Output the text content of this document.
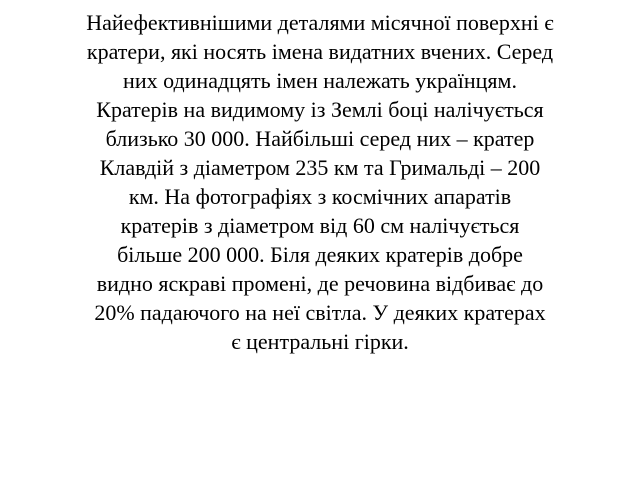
Найефективнішими деталями місячної поверхні є
кратери, які носять імена видатних вчених. Серед
них одинадцять імен належать українцям.
Кратерів на видимому із Землі боці налічується
близько 30 000. Найбільші серед них – кратер
Клавдій з діаметром 235 км та Гримальді – 200
км. На фотографіях з космічних апаратів
кратерів з діаметром від 60 см налічується
більше 200 000. Біля деяких кратерів добре
видно яскраві промені, де речовина відбиває до
20% падаючого на неї світла. У деяких кратерах
є центральні гірки.
